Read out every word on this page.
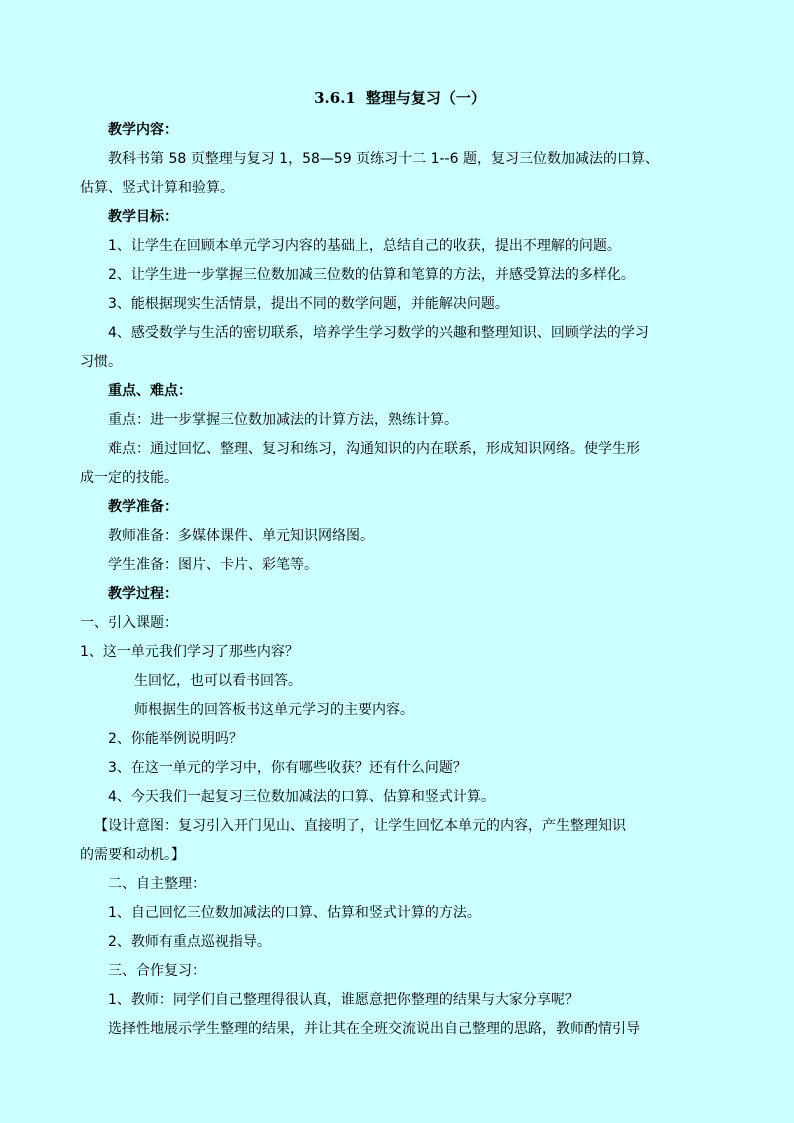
3.6.1 整理与复习（一）
教学内容：
教科书第 58 页整理与复习 1，58—59 页练习十二 1--6 题，复习三位数加减法的口算、
估算、竖式计算和验算。
教学目标：
1、让学生在回顾本单元学习内容的基础上，总结自己的收获，提出不理解的问题。
2、让学生进一步掌握三位数加减三位数的估算和笔算的方法，并感受算法的多样化。
3、能根据现实生活情景，提出不同的数学问题，并能解决问题。
4、感受数学与生活的密切联系，培养学生学习数学的兴趣和整理知识、回顾学法的学习
习惯。
重点、难点：
重点：进一步掌握三位数加减法的计算方法，熟练计算。
难点：通过回忆、整理、复习和练习，沟通知识的内在联系，形成知识网络。使学生形
成一定的技能。
教学准备：
教师准备：多媒体课件、单元知识网络图。
学生准备：图片、卡片、彩笔等。
教学过程：
一、引入课题：
1、这一单元我们学习了那些内容？
生回忆，也可以看书回答。
师根据生的回答板书这单元学习的主要内容。
2、你能举例说明吗？
3、在这一单元的学习中，你有哪些收获？还有什么问题？
4、今天我们一起复习三位数加减法的口算、估算和竖式计算。
【设计意图：复习引入开门见山、直接明了，让学生回忆本单元的内容，产生整理知识
的需要和动机。】
二、自主整理：
1、自己回忆三位数加减法的口算、估算和竖式计算的方法。
2、教师有重点巡视指导。
三、合作复习：
1、教师：同学们自己整理得很认真，谁愿意把你整理的结果与大家分享呢？
选择性地展示学生整理的结果，并让其在全班交流说出自己整理的思路，教师酌情引导
